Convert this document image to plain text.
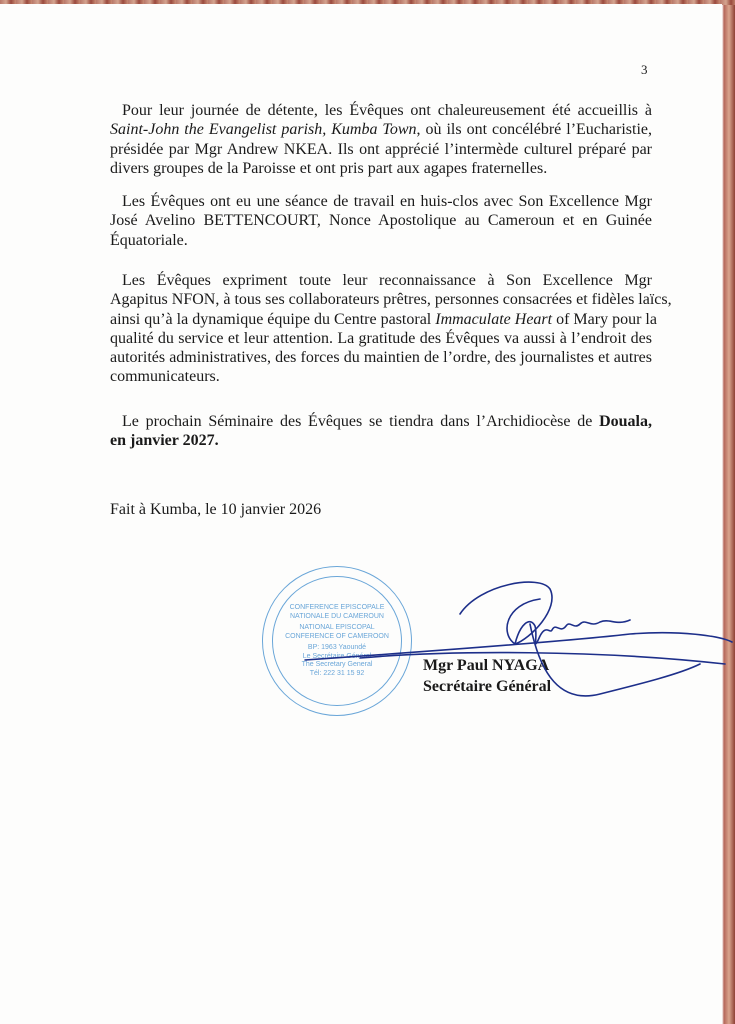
3
Pour leur journée de détente, les Évêques ont chaleureusement été accueillis à
Saint-John the Evangelist parish, Kumba Town, où ils ont concélébré l’Eucharistie,
présidée par Mgr Andrew NKEA. Ils ont apprécié l’intermède culturel préparé par
divers groupes de la Paroisse et ont pris part aux agapes fraternelles.
Les Évêques ont eu une séance de travail en huis-clos avec Son Excellence Mgr
José Avelino BETTENCOURT, Nonce Apostolique au Cameroun et en Guinée
Équatoriale.
Les Évêques expriment toute leur reconnaissance à Son Excellence Mgr
Agapitus NFON, à tous ses collaborateurs prêtres, personnes consacrées et fidèles laïcs,
ainsi qu’à la dynamique équipe du Centre pastoral Immaculate Heart of Mary pour la
qualité du service et leur attention. La gratitude des Évêques va aussi à l’endroit des
autorités administratives, des forces du maintien de l’ordre, des journalistes et autres
communicateurs.
Le prochain Séminaire des Évêques se tiendra dans l’Archidiocèse de Douala,
en janvier 2027.
Fait à Kumba, le 10 janvier 2026
CONFERENCE EPISCOPALE NATIONALE DU CAMEROUN
NATIONAL EPISCOPAL CONFERENCE OF CAMEROON
BP: 1963 Yaoundé
Le Secrétaire Général
The Secretary General
Tél: 222 31 15 92	Mgr Paul NYAGA
Secrétaire Général
